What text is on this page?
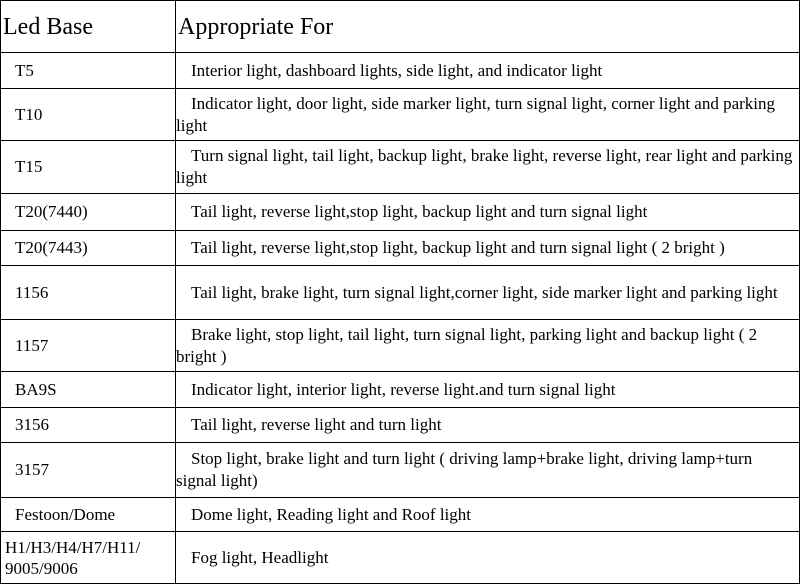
Led Base	Appropriate For
T5	Interior light, dashboard lights, side light, and indicator light

T10	Indicator light, door light, side marker light, turn signal light, corner light and parking light

T15	Turn signal light, tail light, backup light, brake light, reverse light, rear light and parking light

T20(7440)	Tail light, reverse light,stop light, backup light and turn signal light

T20(7443)	Tail light, reverse light,stop light, backup light and turn signal light ( 2 bright )

1156	Tail light, brake light, turn signal light,corner light, side marker light and parking light

1157	Brake light, stop light, tail light, turn signal light, parking light and backup light ( 2 bright )

BA9S	Indicator light, interior light, reverse light.and turn signal light

3156	Tail light, reverse light and turn light

3157	Stop light, brake light and turn light ( driving lamp+brake light, driving lamp+turn signal light)

Festoon/Dome	Dome light, Reading light and Roof light

H1/H3/H4/H7/H11/ 9005/9006	Fog light, Headlight
